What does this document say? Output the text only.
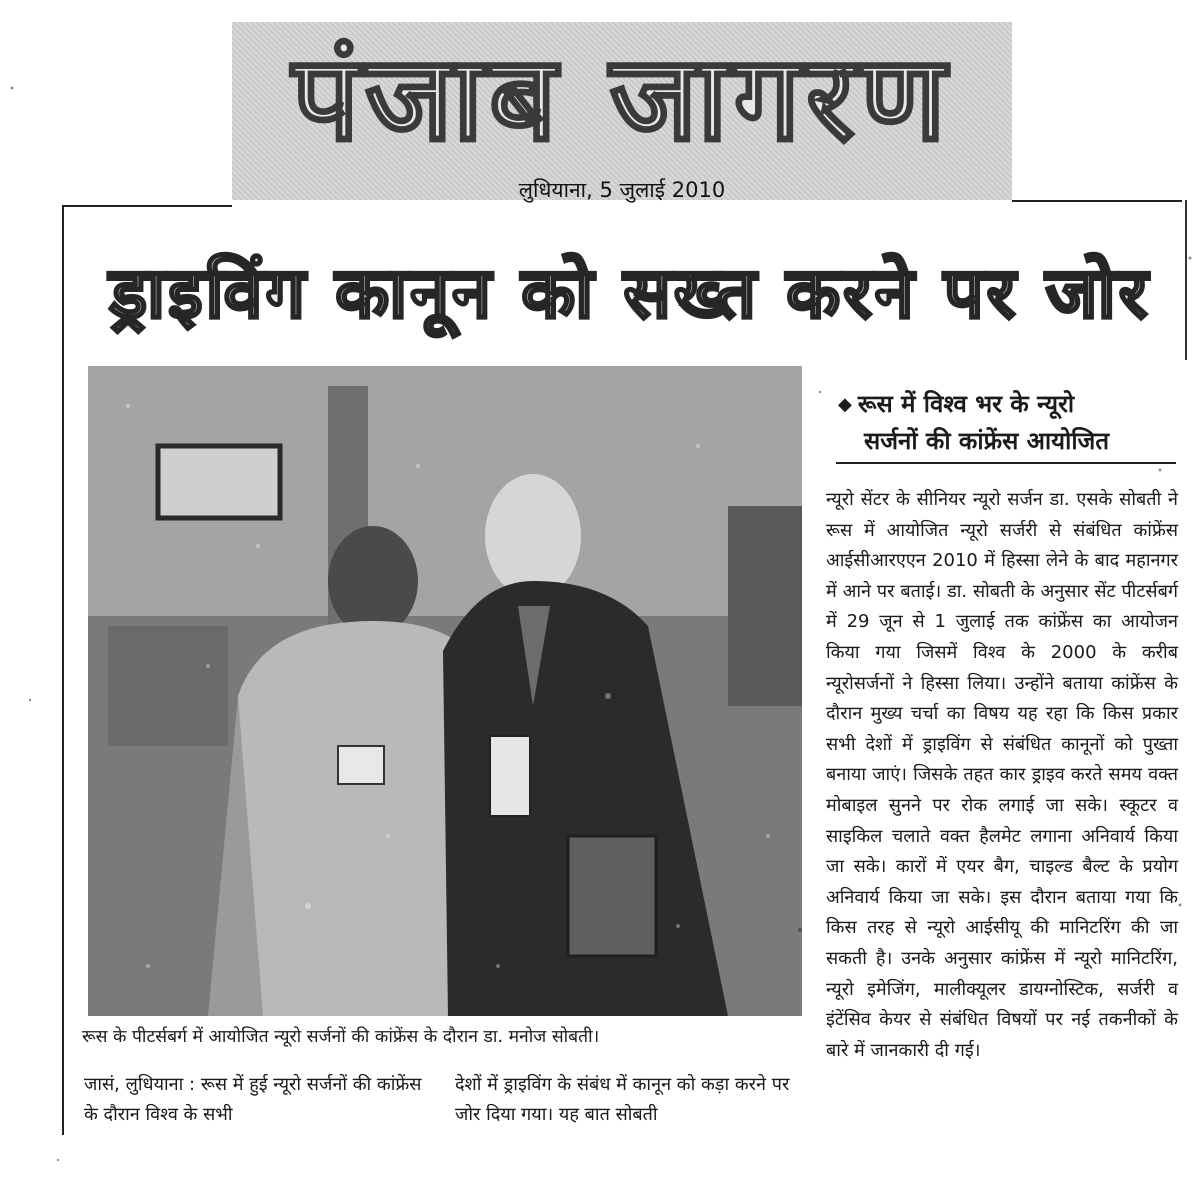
पंजाब जागरण
लुधियाना, 5 जुलाई 2010
ड्राइविंग कानून को सख्त करने पर जोर
रूस के पीटर्सबर्ग में आयोजित न्यूरो सर्जनों की कांफ्रेंस के दौरान डा. मनोज सोबती।

जासं, लुधियाना : रूस में हुई न्यूरो सर्जनों की कांफ्रेंस के दौरान विश्व के सभी

देशों में ड्राइविंग के संबंध में कानून को कड़ा करने पर जोर दिया गया। यह बात सोबती

◆ रूस में विश्व भर के न्यूरो
सर्जनों की कांफ्रेंस आयोजित

न्यूरो सेंटर के सीनियर न्यूरो सर्जन डा. एसके सोबती ने रूस में आयोजित न्यूरो सर्जरी से संबंधित कांफ्रेंस आईसीआरएएन 2010 में हिस्सा लेने के बाद महानगर में आने पर बताई। डा. सोबती के अनुसार सेंट पीटर्सबर्ग में 29 जून से 1 जुलाई तक कांफ्रेंस का आयोजन किया गया जिसमें विश्व के 2000 के करीब न्यूरोसर्जनों ने हिस्सा लिया। उन्होंने बताया कांफ्रेंस के दौरान मुख्य चर्चा का विषय यह रहा कि किस प्रकार सभी देशों में ड्राइविंग से संबंधित कानूनों को पुख्ता बनाया जाएं। जिसके तहत कार ड्राइव करते समय वक्त मोबाइल सुनने पर रोक लगाई जा सके। स्कूटर व साइकिल चलाते वक्त हैलमेट लगाना अनिवार्य किया जा सके। कारों में एयर बैग, चाइल्ड बैल्ट के प्रयोग अनिवार्य किया जा सके। इस दौरान बताया गया कि किस तरह से न्यूरो आईसीयू की मानिटरिंग की जा सकती है। उनके अनुसार कांफ्रेंस में न्यूरो मानिटरिंग, न्यूरो इमेजिंग, मालीक्यूलर डायग्नोस्टिक, सर्जरी व इंटेंसिव केयर से संबंधित विषयों पर नई तकनीकों के बारे में जानकारी दी गई।
